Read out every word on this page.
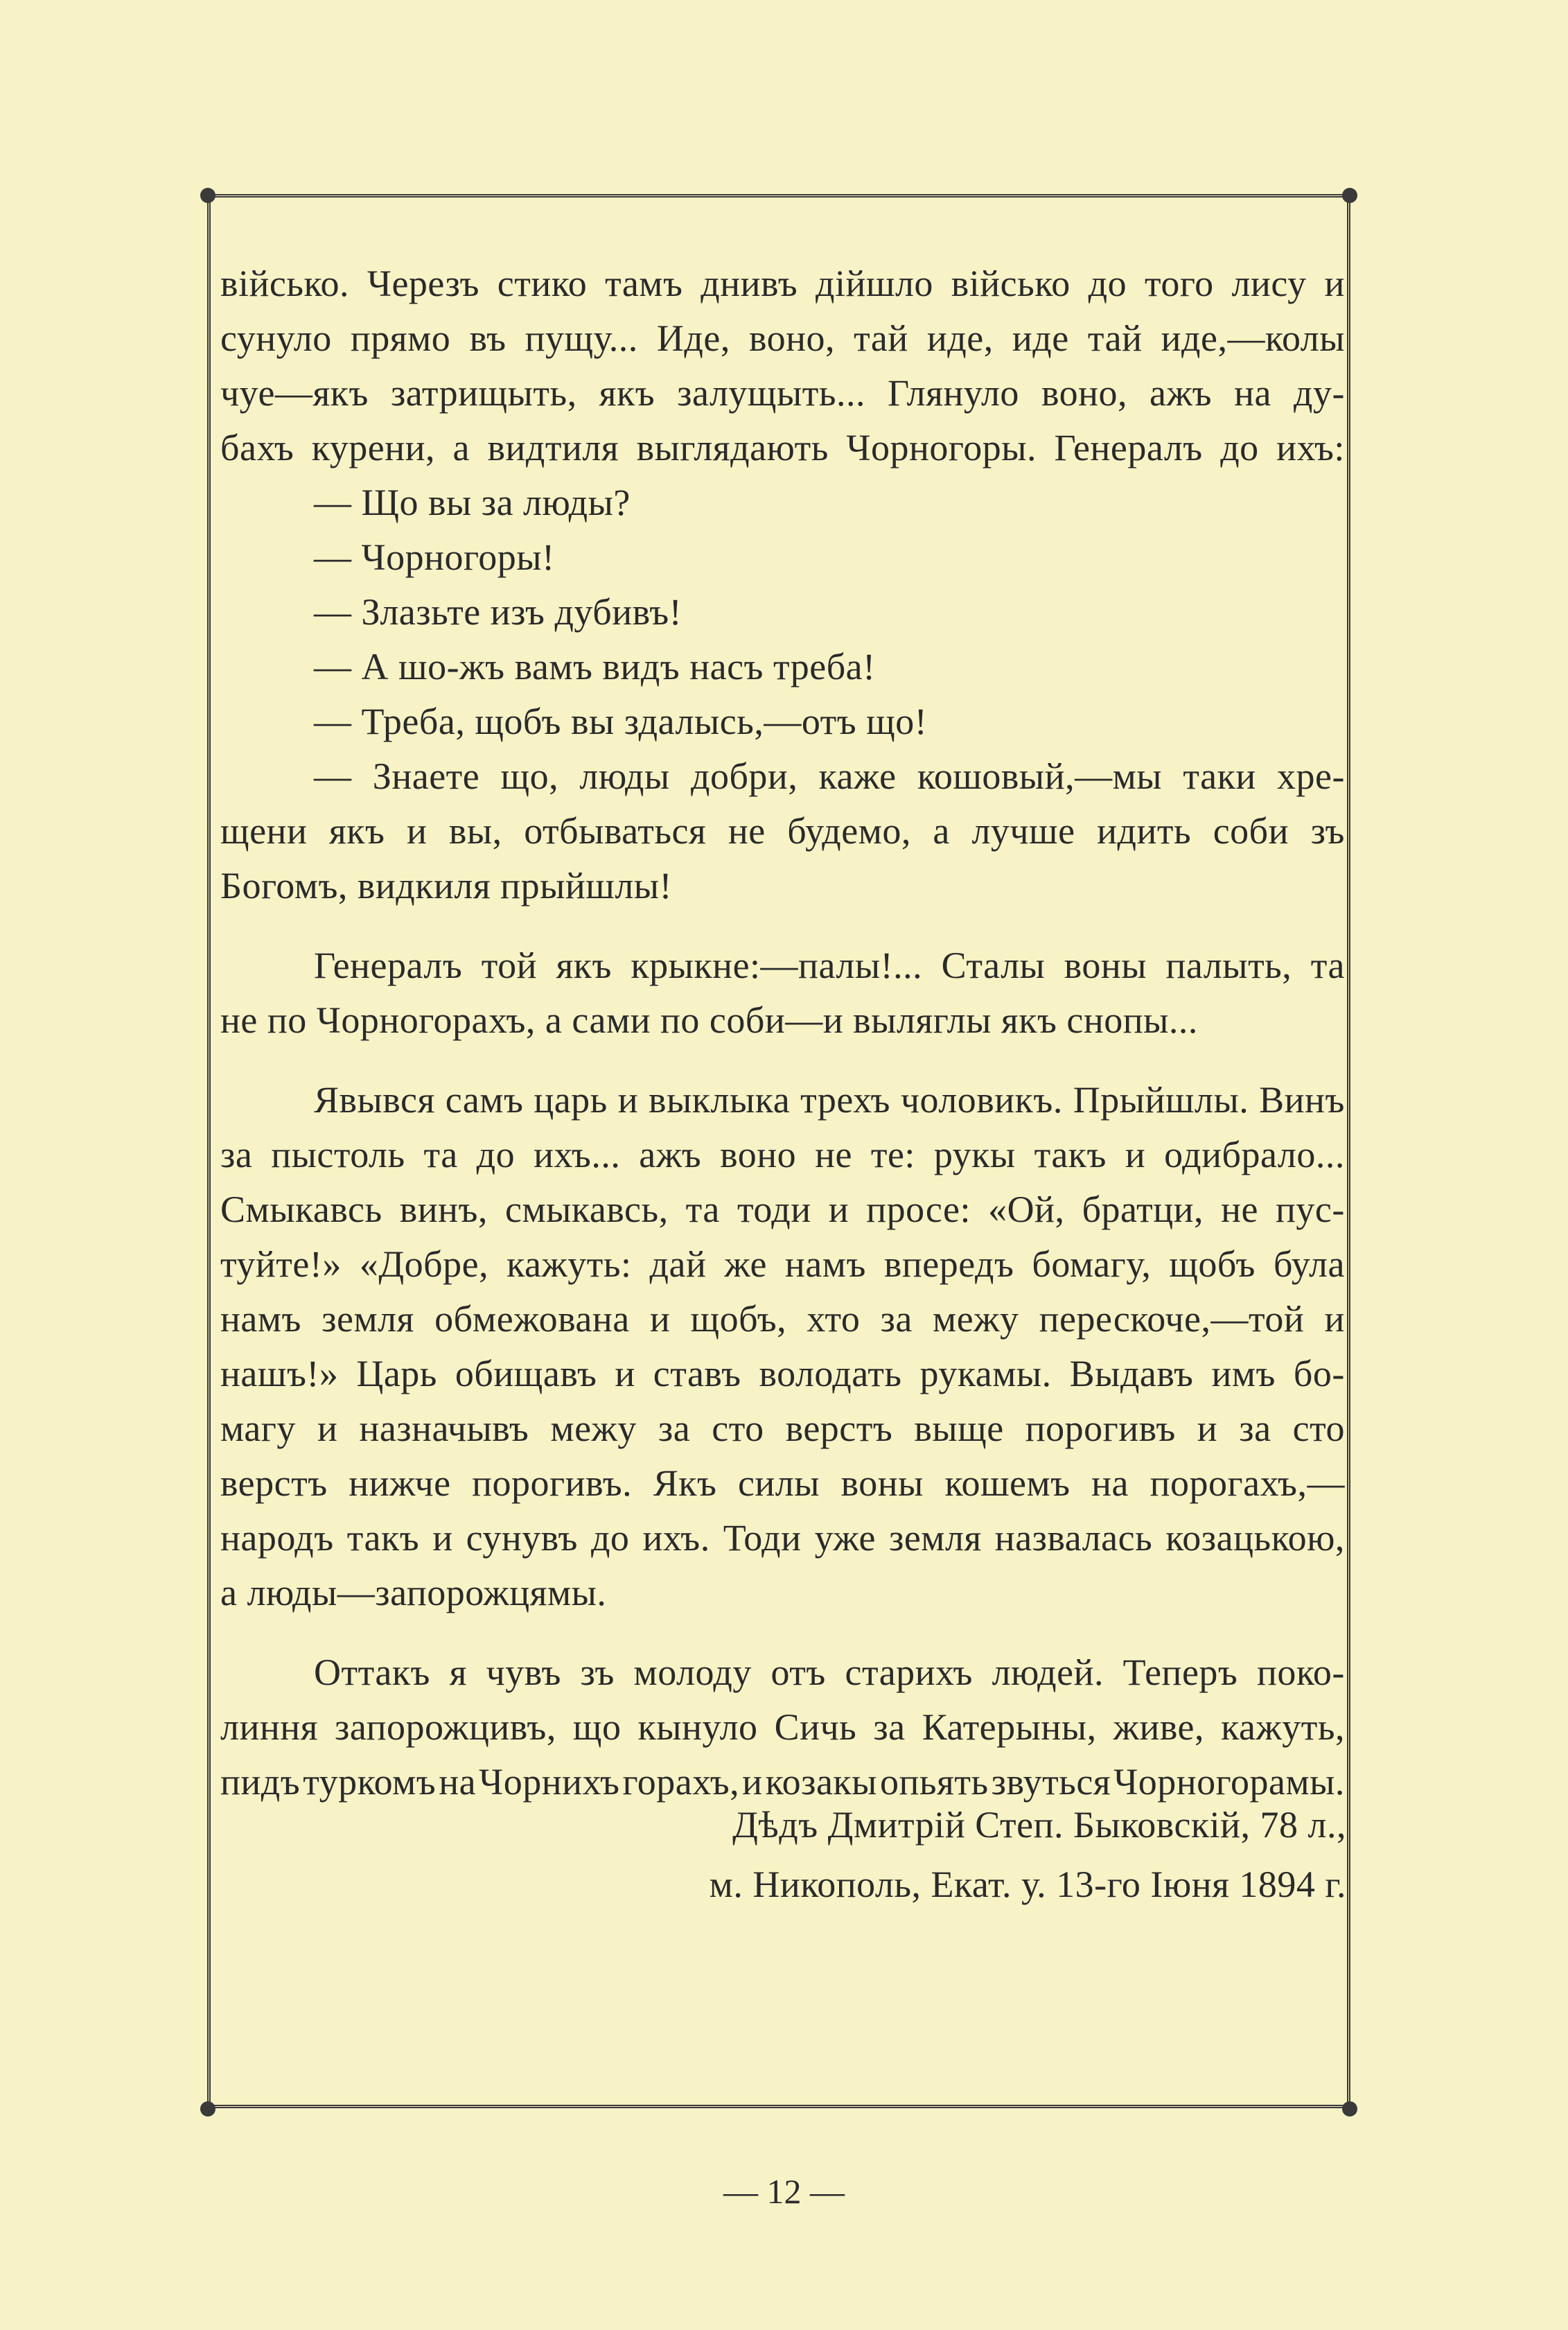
військо. Черезъ стико тамъ днивъ дійшло військо до того лису и
сунуло прямо въ пущу... Иде, воно, тай иде, иде тай иде,—колы
чуе—якъ затрищыть, якъ залущыть... Глянуло воно, ажъ на ду-
бахъ курени, а видтиля выглядають Чорногоры. Генералъ до ихъ:
— Що вы за люды?
— Чорногоры!
— Злазьте изъ дубивъ!
— А шо-жъ вамъ видъ насъ треба!
— Треба, щобъ вы здалысь,—отъ що!
— Знаете що, люды добри, каже кошовый,—мы таки хре-
щени якъ и вы, отбываться не будемо, а лучше идить соби зъ
Богомъ, видкиля прыйшлы!
Генералъ той якъ крыкне:—палы!... Сталы воны палыть, та
не по Чорногорахъ, а сами по соби—и выляглы якъ снопы...
Явывся самъ царь и выклыка трехъ чоловикъ. Прыйшлы. Винъ
за пыстоль та до ихъ... ажъ воно не те: рукы такъ и одибрало...
Смыкавсь винъ, смыкавсь, та тоди и просе: «Ой, братци, не пус-
туйте!» «Добре, кажуть: дай же намъ впередъ бомагу, щобъ була
намъ земля обмежована и щобъ, хто за межу перескоче,—той и
нашъ!» Царь обищавъ и ставъ володать рукамы. Выдавъ имъ бо-
магу и назначывъ межу за сто верстъ выще порогивъ и за сто
верстъ нижче порогивъ. Якъ силы воны кошемъ на порогахъ,—
народъ такъ и сунувъ до ихъ. Тоди уже земля назвалась козацькою,
а люды—запорожцямы.
Оттакъ я чувъ зъ молоду отъ старихъ людей. Теперъ поко-
линня запорожцивъ, що кынуло Сичь за Катерыны, живе, кажуть,
пидъ туркомъ на Чорнихъ горахъ, и козакы опьять звуться Чорногорамы.
Дѣдъ Дмитрій Степ. Быковскій, 78 л.,
м. Никополь, Екат. у. 13-го Іюня 1894 г.
— 12 —
